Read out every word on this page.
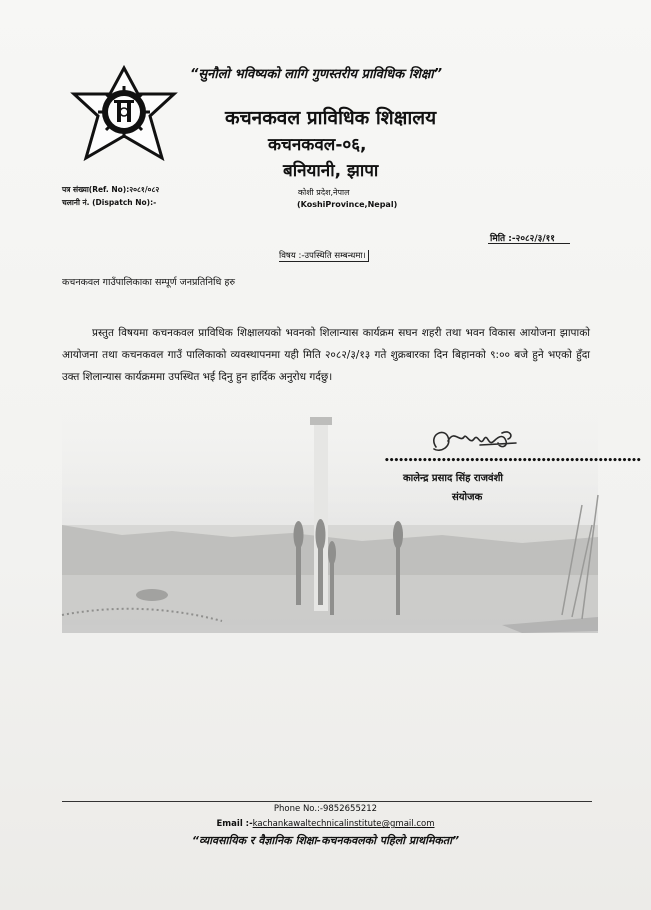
“सुनौलो भविष्यको लागि गुणस्तरीय प्राविधिक शिक्षा”
कचनकवल प्राविधिक शिक्षालय
कचनकवल-०६,
बनियानी, झापा
कोशी प्रदेश,नेपाल
(KoshiProvince,Nepal)
पत्र संख्या(Ref. No):२०८१/०८२
चलानी नं. (Dispatch No):-
मिति :-२०८२/३/११
विषय :-उपस्थिति सम्बन्धमा।
कचनकवल गाउँपालिकाका सम्पूर्ण जनप्रतिनिधि हरु

प्रस्तुत विषयमा कचनकवल प्राविधिक शिक्षालयको भवनको शिलान्यास कार्यक्रम सघन शहरी तथा भवन विकास आयोजना झापाको आयोजना तथा कचनकवल गाउँ पालिकाको व्यवस्थापनमा यही मिति २०८२/३/१३ गते शुक्रबारका दिन बिहानको ९:०० बजे हुने भएको हुँदा उक्त शिलान्यास कार्यक्रममा उपस्थित भई दिनु हुन हार्दिक अनुरोध गर्दछु।

••••••••••••••••••••••••••••••••••••••••••••••••••••••
कालेन्द्र प्रसाद सिंह राजवंशी
संयोजक
Phone No.:-9852655212
Email :-kachankawaltechnicalinstitute@gmail.com
“व्यावसायिक र वैज्ञानिक शिक्षा-कचनकवलको पहिलो प्राथमिकता”
